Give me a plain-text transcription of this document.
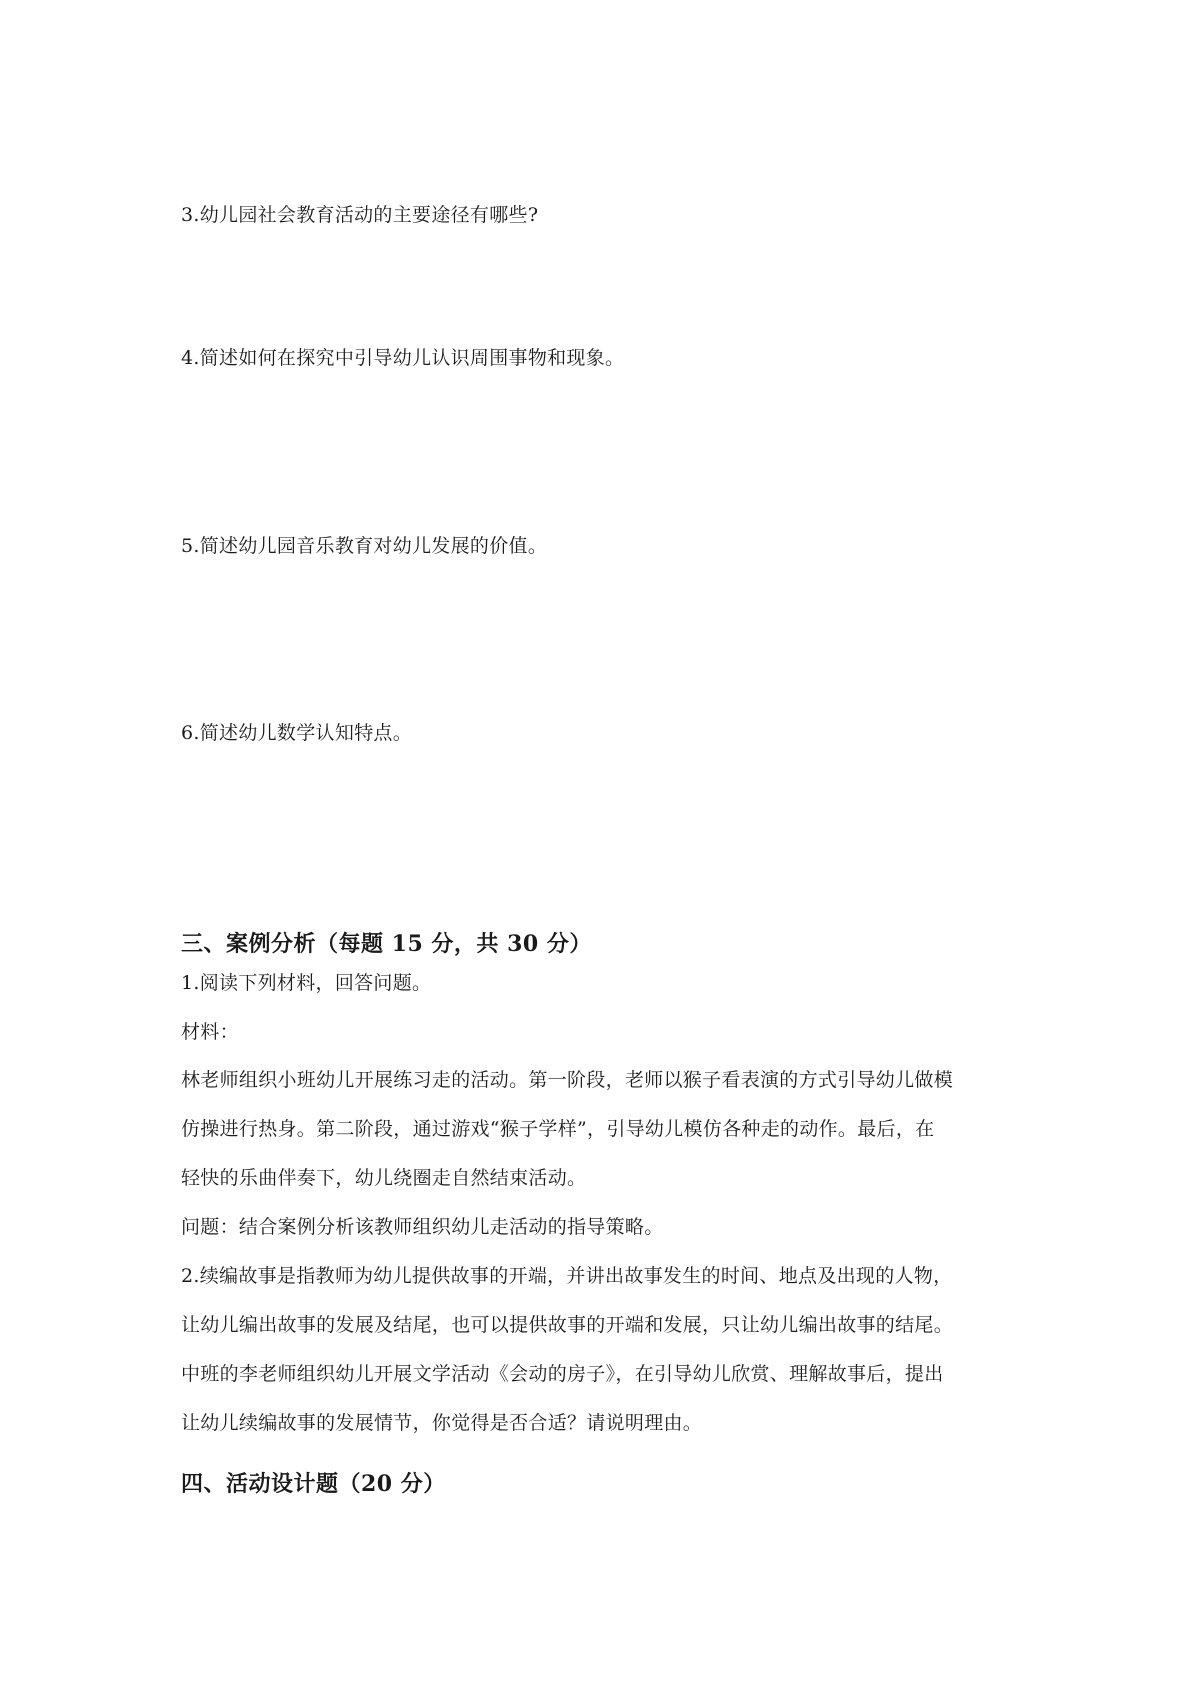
3.幼儿园社会教育活动的主要途径有哪些?
4.简述如何在探究中引导幼儿认识周围事物和现象。
5.简述幼儿园音乐教育对幼儿发展的价值。
6.简述幼儿数学认知特点。
三、案例分析（每题 15 分，共 30 分）
1.阅读下列材料，回答问题。
材料：
林老师组织小班幼儿开展练习走的活动。第一阶段，老师以猴子看表演的方式引导幼儿做模
仿操进行热身。第二阶段，通过游戏“猴子学样”，引导幼儿模仿各种走的动作。最后，在
轻快的乐曲伴奏下，幼儿绕圈走自然结束活动。
问题：结合案例分析该教师组织幼儿走活动的指导策略。
2.续编故事是指教师为幼儿提供故事的开端，并讲出故事发生的时间、地点及出现的人物，
让幼儿编出故事的发展及结尾，也可以提供故事的开端和发展，只让幼儿编出故事的结尾。
中班的李老师组织幼儿开展文学活动《会动的房子》，在引导幼儿欣赏、理解故事后，提出
让幼儿续编故事的发展情节，你觉得是否合适？请说明理由。
四、活动设计题（20 分）
